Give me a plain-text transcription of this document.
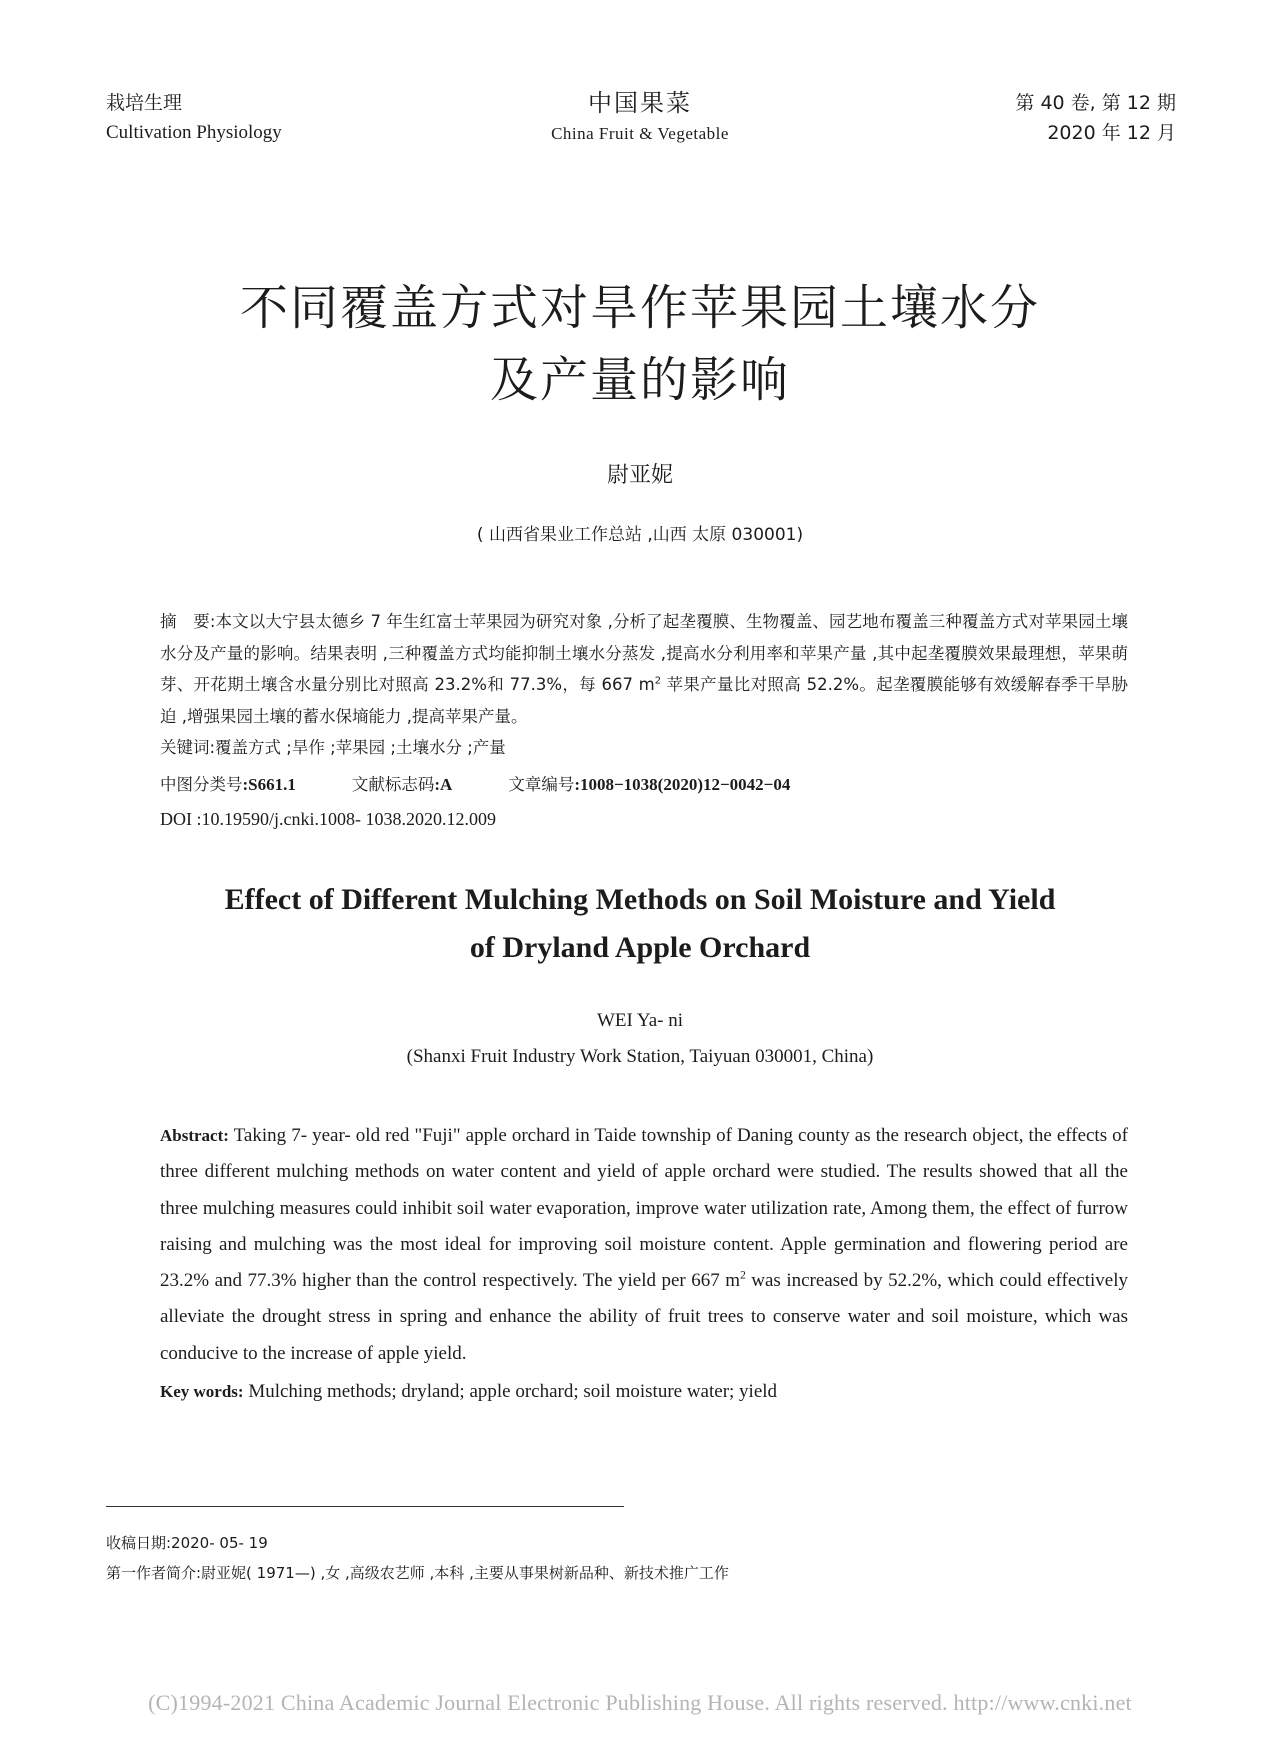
栽培生理
Cultivation Physiology
中国果菜
China Fruit & Vegetable
第 40 卷, 第 12 期
2020 年 12 月
不同覆盖方式对旱作苹果园土壤水分
及产量的影响
尉亚妮
( 山西省果业工作总站 ,山西 太原 030001)
摘　要:本文以大宁县太德乡 7 年生红富士苹果园为研究对象 ,分析了起垄覆膜、生物覆盖、园艺地布覆盖三种覆盖方式对苹果园土壤水分及产量的影响。结果表明 ,三种覆盖方式均能抑制土壤水分蒸发 ,提高水分利用率和苹果产量 ,其中起垄覆膜效果最理想，苹果萌芽、开花期土壤含水量分别比对照高 23.2%和 77.3%，每 667 $m^2$ 苹果产量比对照高 52.2%。起垄覆膜能够有效缓解春季干旱胁迫 ,增强果园土壤的蓄水保墒能力 ,提高苹果产量。
关键词:覆盖方式 ;旱作 ;苹果园 ;土壤水分 ;产量
中图分类号:S661.1	文献标志码:A	文章编号:1008−1038(2020)12−0042−04
DOI :10.19590/j.cnki.1008- 1038.2020.12.009
Effect of Different Mulching Methods on Soil Moisture and Yield
of Dryland Apple Orchard
WEI Ya- ni
(Shanxi Fruit Industry Work Station, Taiyuan 030001, China)
Abstract: Taking 7- year- old red "Fuji" apple orchard in Taide township of Daning county as the research object, the effects of three different mulching methods on water content and yield of apple orchard were studied. The results showed that all the three mulching measures could inhibit soil water evaporation, improve water utilization rate, Among them, the effect of furrow raising and mulching was the most ideal for improving soil moisture content. Apple germination and flowering period are 23.2% and 77.3% higher than the control respectively. The yield per 667 $m^2$ was increased by 52.2%, which could effectively alleviate the drought stress in spring and enhance the ability of fruit trees to conserve water and soil moisture, which was conducive to the increase of apple yield.
Key words: Mulching methods; dryland; apple orchard; soil moisture water; yield
收稿日期:2020- 05- 19
第一作者简介:尉亚妮( 1971—) ,女 ,高级农艺师 ,本科 ,主要从事果树新品种、新技术推广工作
(C)1994-2021 China Academic Journal Electronic Publishing House. All rights reserved. http://www.cnki.net
